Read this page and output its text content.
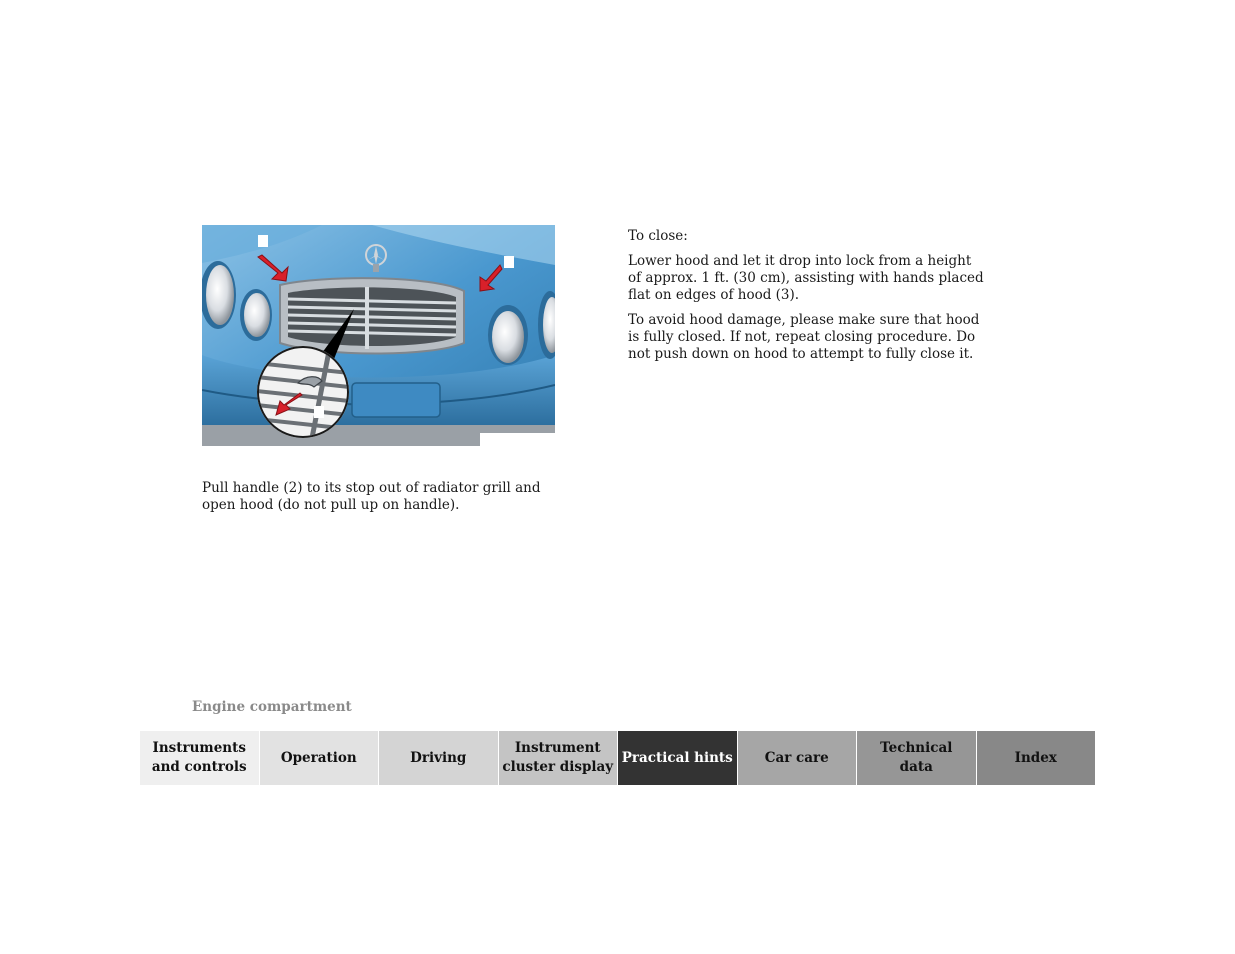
Pull handle (2) to its stop out of radiator grill and open hood (do not pull up on handle).

To close:

Lower hood and let it drop into lock from a height of approx. 1 ft. (30 cm), assisting with hands placed flat on edges of hood (3).

To avoid hood damage, please make sure that hood is fully closed. If not, repeat closing procedure. Do not push down on hood to attempt to fully close it.

Engine compartment
Instruments
and controls
Operation	Driving
Instrument
cluster display
Practical hints	Car care
Technical
data
Index
